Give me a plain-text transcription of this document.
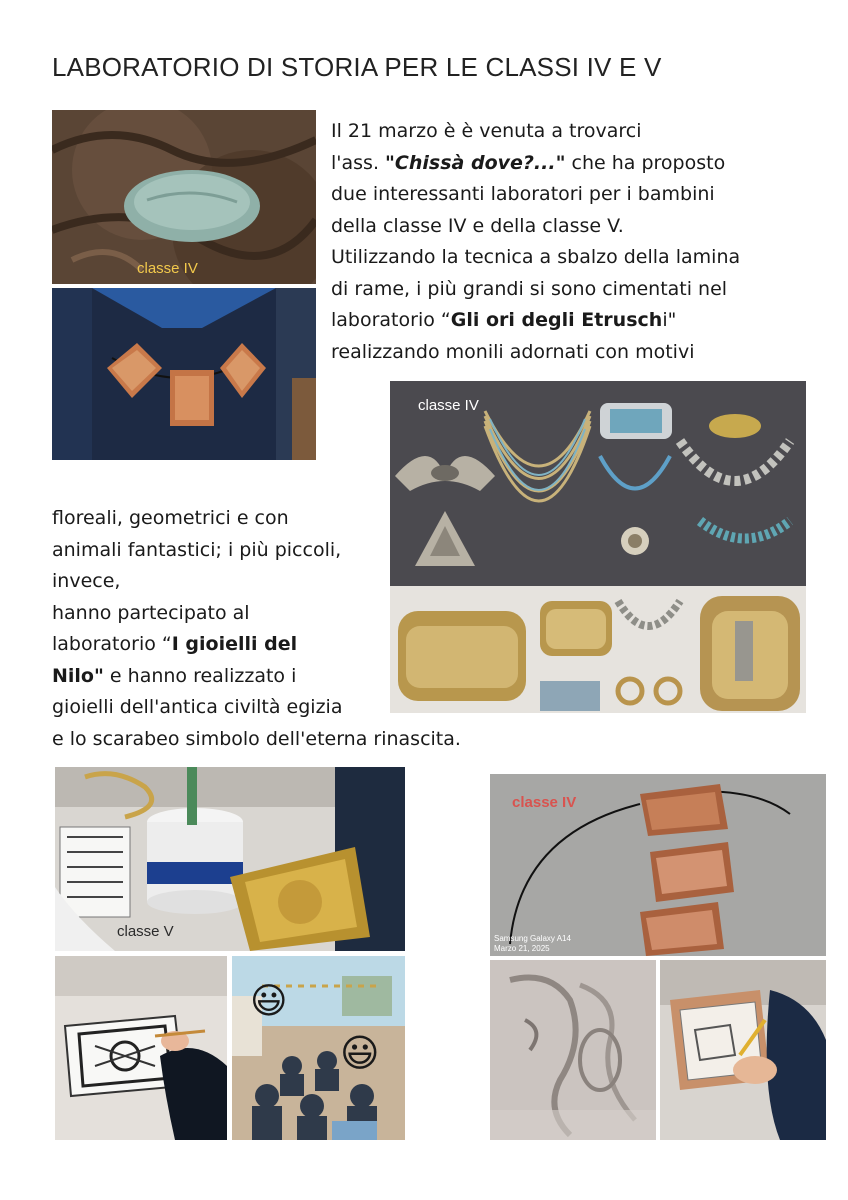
LABORATORIO DI STORIA PER LE CLASSI IV E V
classe IV
Il 21 marzo è è venuta a trovarci
l'ass. "Chissà dove?..." che ha proposto
due interessanti laboratori per i bambini
della classe IV e della classe V.
Utilizzando la tecnica a sbalzo della lamina
di rame, i più grandi si sono cimentati nel
laboratorio “Gli ori degli Etruschi"
realizzando monili adornati con motivi
classe IV
floreali, geometrici e con
animali fantastici; i più piccoli,
invece,
hanno partecipato al
laboratorio “I gioielli del
Nilo" e hanno realizzato i
gioielli dell'antica civiltà egizia
e lo scarabeo simbolo dell'eterna rinascita.
classe V
😃
😃
classe IV
Samsung Galaxy A14
Marzo 21, 2025
